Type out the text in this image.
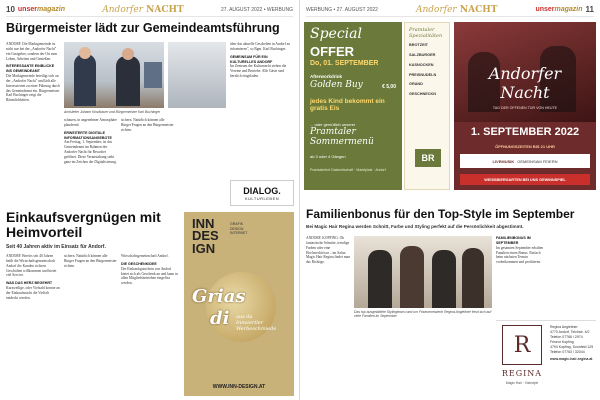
10 unsermagazin	Andorfer NACHT	27. AUGUST 2022 • WERBUNG
Bürgermeister lädt zur Gemeindeamtsführung

ANDORF. Die Marktgemeinde ist nicht nur bei der „Andorfer Nacht" ein Gastgeber, sondern der Ort zum Leben, Arbeiten und Genießen.

INTERESSANTE EINBLICKE INS GEMEINDEAMT

Die Marktgemeinde beteiligt sich an der „Andorfer Nacht" und lädt alle Interessierten zu einer Führung durch das Gemeindeamt ein. Bürgermeister Karl Buchinger zeigt die Räumlichkeiten.

Amtsleiter Johann Kinzlbauer und Bürgermeister Karl Buchinger

schauen, in angenehmer Atmosphäre plaudernd.

ERWEITERTE DIGITALE INFORMATIONSANGEBOTE

Am Freitag, 1. September, ist das Gemeindeamt im Rahmen der Andorfer Nacht für Besucher geöffnet. Diese Veranstaltung steht ganz im Zeichen der Digitalisierung.

sichern. Natürlich können alle Bürger Fragen an den Bürgermeister richten.

über das aktuelle Geschehen in Andorf zu informieren", so Bgm. Karl Buchinger.

GEMEINSAM FÜR EIN KULTURELLES ANDORF

Im Zentrum der Kulturnacht stehen die Vereine und Betriebe. Alle Gäste sind herzlich eingeladen.

DIALOG.
KULTURLEBEN
Einkaufsvergnügen mit Heimvorteil
Seit 40 Jahren aktiv im Einsatz für Andorf.

ANDORF. Bereits seit 40 Jahren heißt die Wirtschaftsgemeinschaft Andorf die Kunden in ihren Geschäften willkommen und bietet viel Service.

WAS DAS HERZ BEGEHRT

Kurzweilige, oder Vielzahl konnte an der Einkaufsnacht die Vielfalt entdeckt werden.

sichern. Natürlich können alle Bürger Fragen an den Bürgermeister richten.

Wirtschaftsgemeinschaft Andorf.

DIE GESCHENKIDEE

Der Einkaufsgutschein von Andorf bietet sich als Geschenk an und kann in allen Mitgliedsbetrieben eingelöst werden.

INN
DES
IGN
GRAFIK
DESIGN
INTERNET
Grias
di aus da
Innviertler
Werbeschmiede
WWW.INN-DESIGN.AT
WERBUNG • 27. AUGUST 2022	Andorfer NACHT	unsermagazin 11
Special
OFFER
Do, 01. SEPTEMBER
Afterworkdrink
Golden Buy	€ 5,00
jedes Kind bekommt ein gratis Eis
... oder gemütlich unserer
Pramtaler Sommermenü
ab 3 oder 4 Gängen
Pramtalerhof Gastwirtschaft · Marktplatz · Andorf
Pramtaler Spezialitäten
BROTZEIT
SALZBURGER
KASNOCKEN
PREISNUDELN
GRAND GESCHNECKN
BR
Andorfer
Nacht
TAG DER OFFENEN TÜR VON HEUTE
1. SEPTEMBER 2022
ÖFFNUNGSZEITEN BIS 21 UHR
LIVEMUSIK GEMEINSAM FEIERN
WEISSBIERGARTEN BEI UNS GEWINNSPIEL
Familienbonus für den Top-Style im September
Bei Magic Hair Regina werden Schnitt, Farbe und Styling perfekt auf die Persönlichkeit abgestimmt.

ANDORF, KOPFING. Ob fantastische Schnitte, trendige Farben oder eine Hochsteckfrisur – im Salon Magic Hair Regina findet man das Richtige.

Das top ausgebildete Stylingteam rund um Friseurmeisterin Regina Angleitner freut sich auf viele Familien im September

FAMILIENBONUS IM SEPTEMBER

Im gesamten September erhalten Familien einen Bonus. Einfach beim nächsten Termin vorbeikommen und profitieren.

R
REGINA
Magic Hair · Hairstyle
Regina Angleitner
4770 Andorf, Teichstr. 4/2
Telefon 07766 / 2974
Friseur Kopfing
4794 Kopfing, Sonnfeld 125
Telefon 07763 / 32044
www.magic-hair-regina.at
